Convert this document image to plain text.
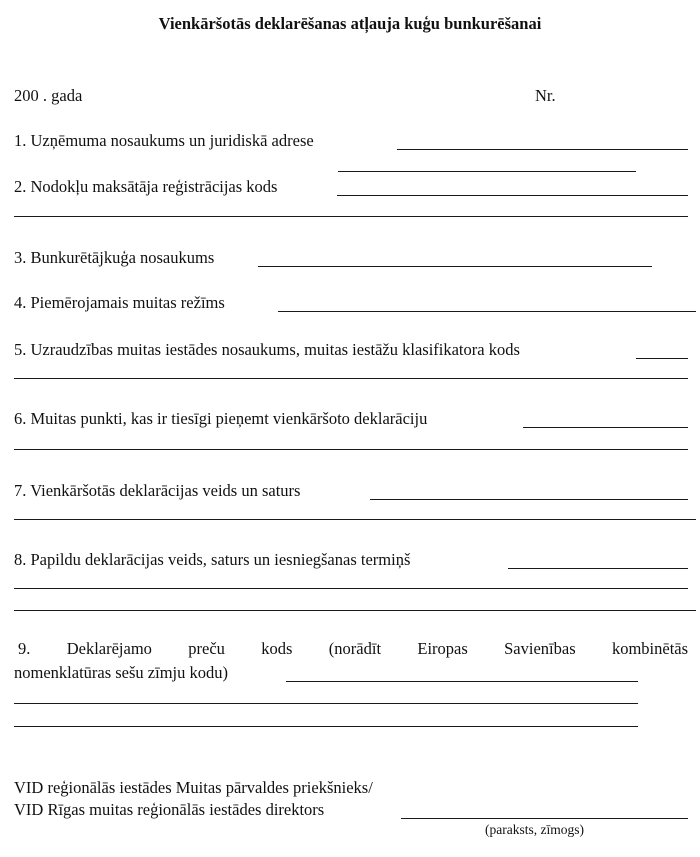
Vienkāršotās deklarēšanas atļauja kuģu bunkurēšanai
200 . gada	Nr.
1. Uzņēmuma nosaukums un juridiskā adrese
2. Nodokļu maksātāja reģistrācijas kods
3. Bunkurētājkuģa nosaukums
4. Piemērojamais muitas režīms
5. Uzraudzības muitas iestādes nosaukums, muitas iestāžu klasifikatora kods
6. Muitas punkti, kas ir tiesīgi pieņemt vienkāršoto deklarāciju
7. Vienkāršotās deklarācijas veids un saturs
8. Papildu deklarācijas veids, saturs un iesniegšanas termiņš
9. Deklarējamo preču kods (norādīt Eiropas Savienības kombinētās
nomenklatūras sešu zīmju kodu)
VID reģionālās iestādes Muitas pārvaldes priekšnieks/
VID Rīgas muitas reģionālās iestādes direktors
(paraksts, zīmogs)
